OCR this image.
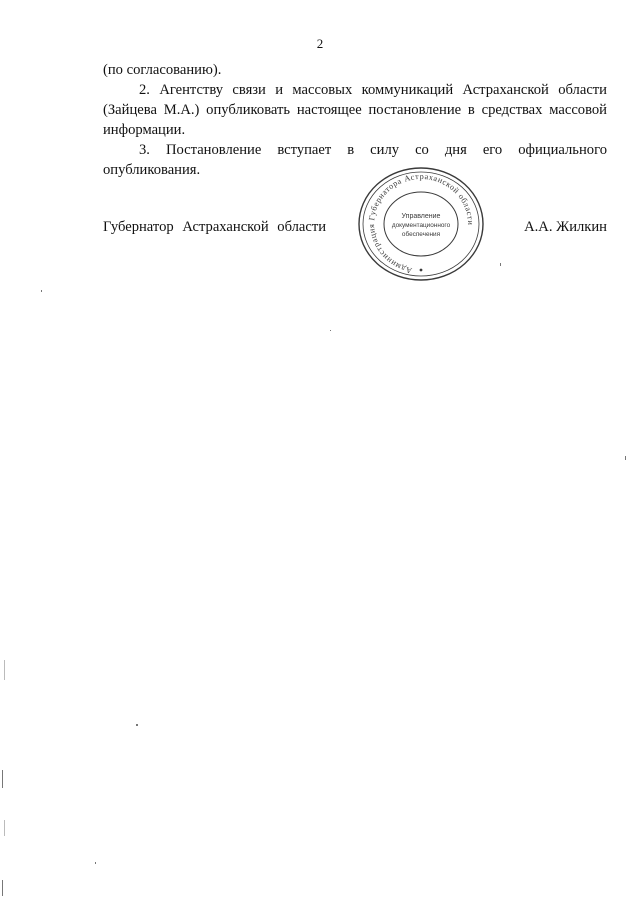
2

(по согласованию).

2. Агентству связи и массовых коммуникаций Астраханской области (Зайцева М.А.) опубликовать настоящее постановление в средствах массовой информации.

3. Постановление вступает в силу со дня его официального опубликования.

Губернатор Астраханской области	А.А. Жилкин
Администрация Губернатора Астраханской области
Управление
документационного
обеспечения
